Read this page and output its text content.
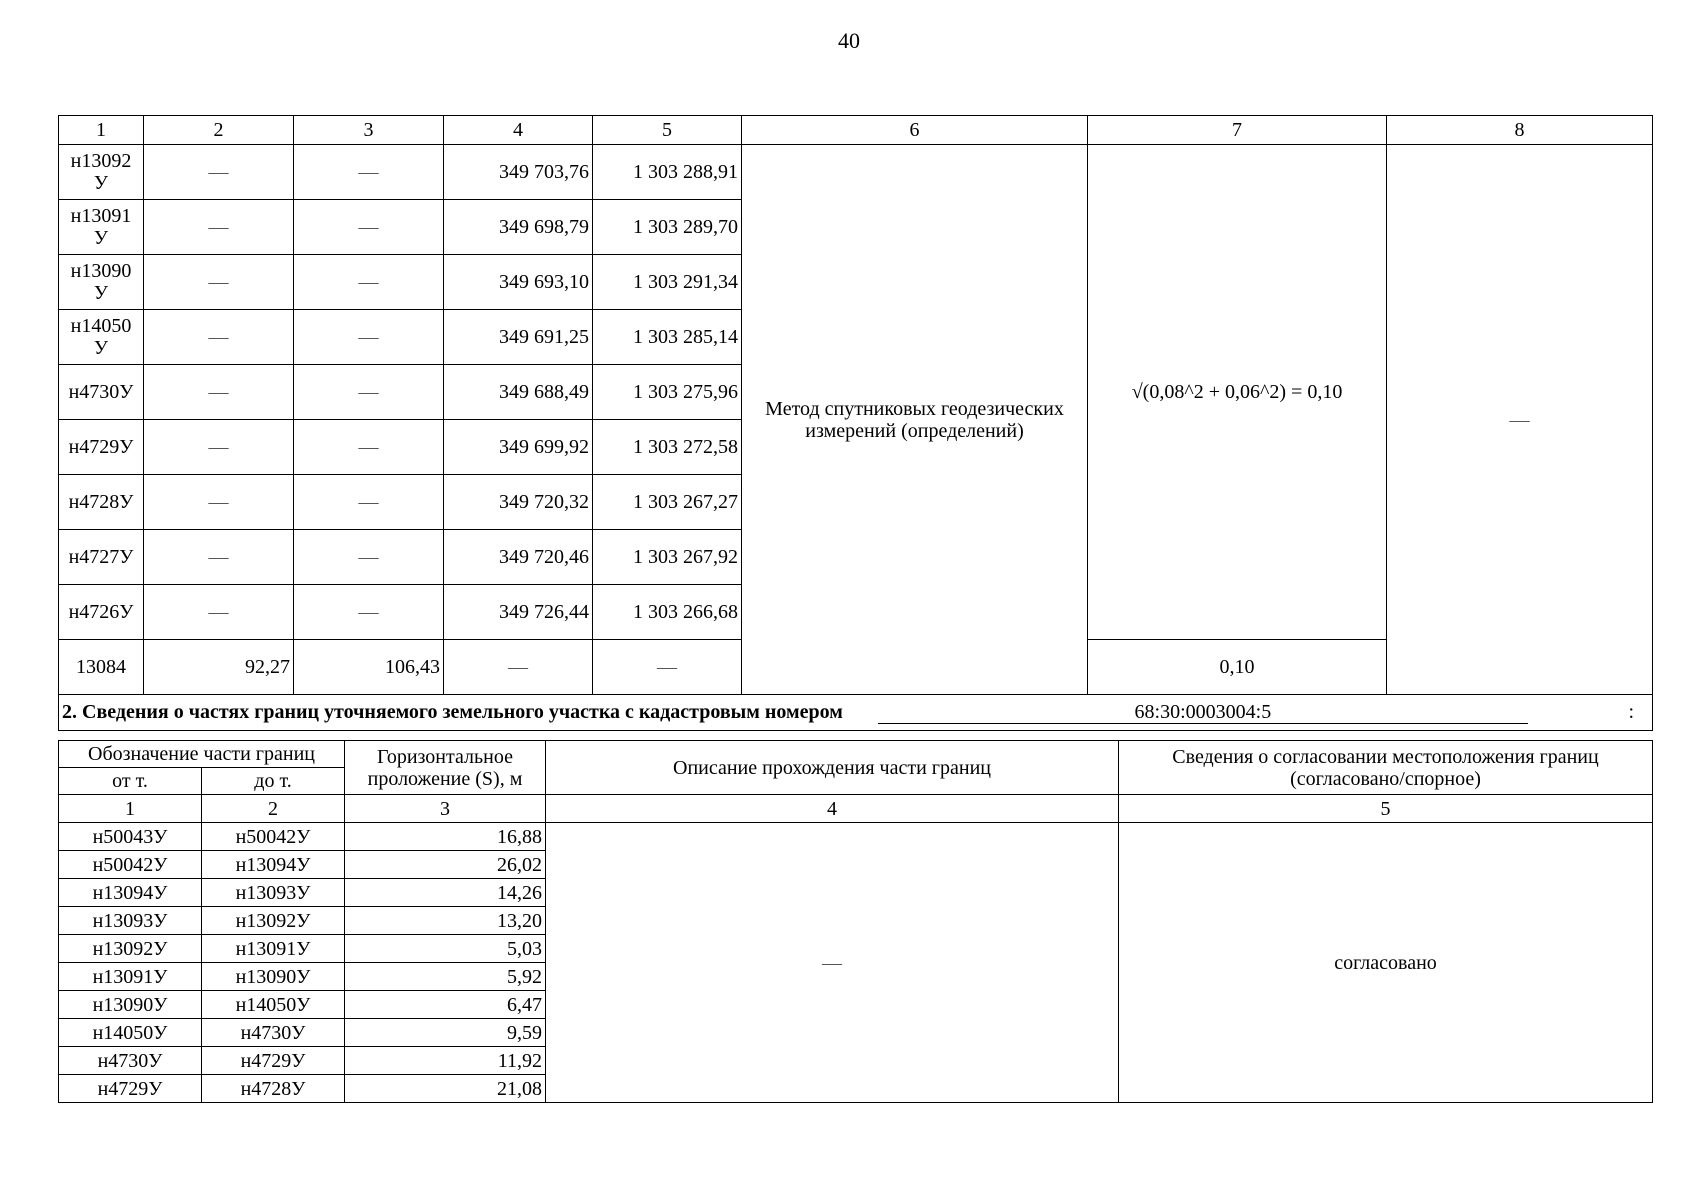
40
1	2	3	4	5	6	7	8
н13092 У	—	—	349 703,76	1 303 288,91	Метод спутниковых геодезических измерений (определений)	√(0,08^2 + 0,06^2) = 0,10	—
н13091 У	—	—	349 698,79	1 303 289,70			
н13090 У	—	—	349 693,10	1 303 291,34			
н14050 У	—	—	349 691,25	1 303 285,14			
н4730У	—	—	349 688,49	1 303 275,96			
н4729У	—	—	349 699,92	1 303 272,58			
н4728У	—	—	349 720,32	1 303 267,27			
н4727У	—	—	349 720,46	1 303 267,92			
н4726У	—	—	349 726,44	1 303 266,68			
13084	92,27	106,43	—	—		0,10	
2. Сведения о частях границ уточняемого земельного участка с кадастровым номером 68:30:0003004:5 :							
Обозначение части границ		Горизонтальное проложение (S), м	Описание прохождения части границ	Сведения о согласовании местоположения границ (согласовано/спорное)
от т.	до т.			
1	2	3	4	5
н50043У	н50042У	16,88	—	согласовано
н50042У	н13094У	26,02		
н13094У	н13093У	14,26		
н13093У	н13092У	13,20		
н13092У	н13091У	5,03		
н13091У	н13090У	5,92		
н13090У	н14050У	6,47		
н14050У	н4730У	9,59		
н4730У	н4729У	11,92		
н4729У	н4728У	21,08		
